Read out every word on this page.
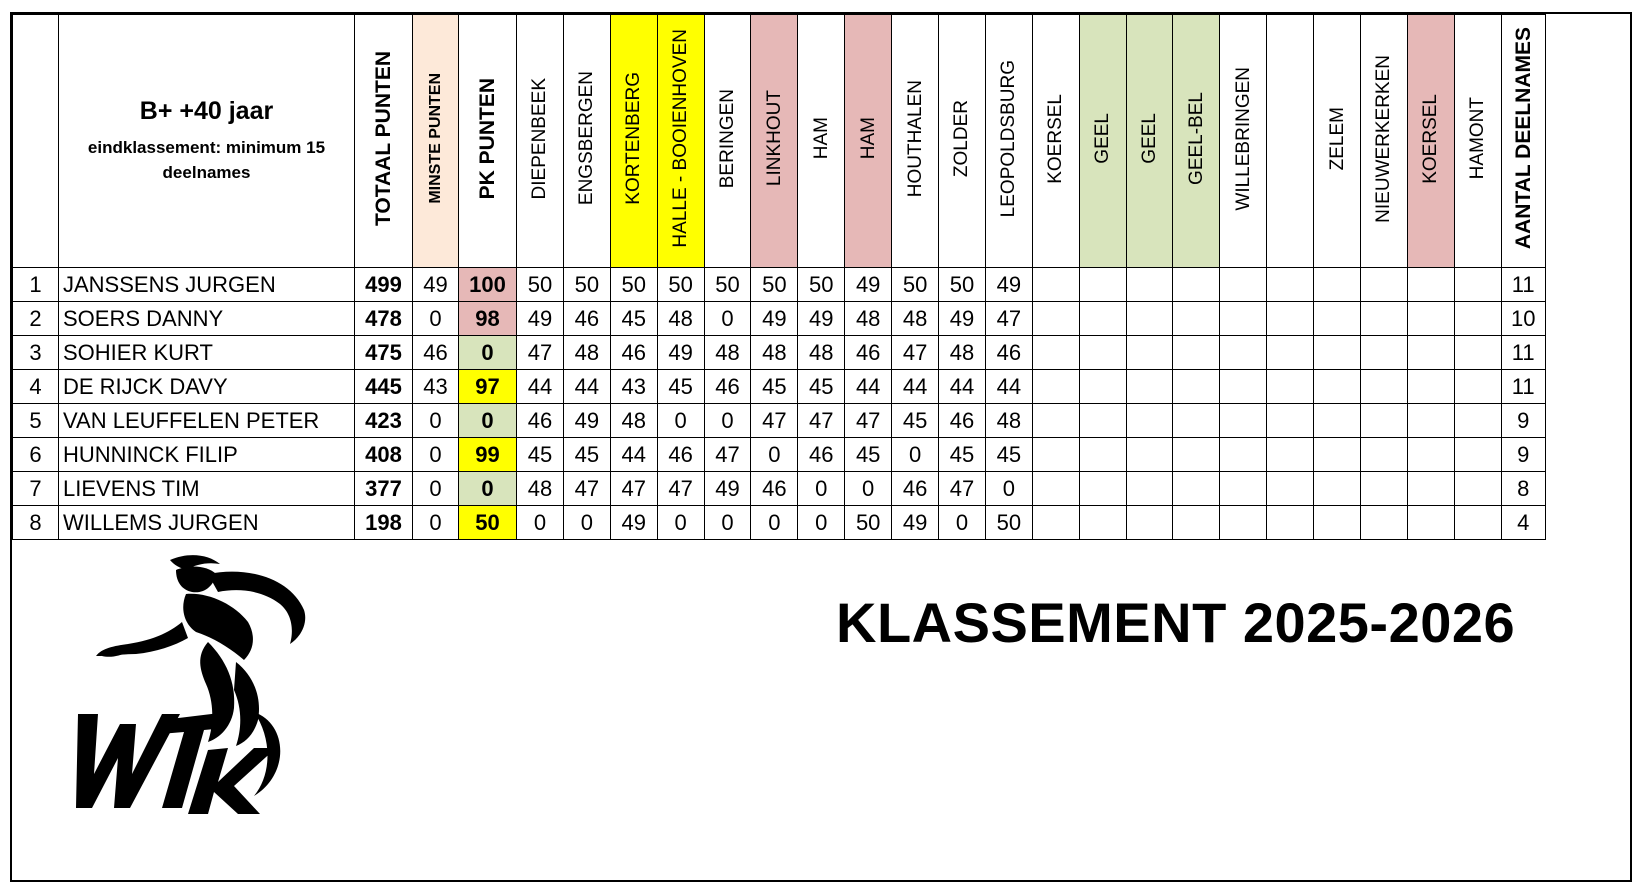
	B+ +40 jaar
eindklassement: minimum 15 deelnames	TOTAAL PUNTEN	MINSTE PUNTEN	PK PUNTEN	DIEPENBEEK	ENGSBERGEN	KORTENBERG	HALLE - BOOIENHOVEN	BERINGEN	LINKHOUT	HAM	HAM	HOUTHALEN	ZOLDER	LEOPOLDSBURG	KOERSEL	GEEL	GEEL	GEEL-BEL	WILLEBRINGEN		ZELEM	NIEUWERKERKEN	KOERSEL	HAMONT	AANTAL DEELNAMES
1	JANSSENS JURGEN	499	49	100	50	50	50	50	50	50	50	49	50	50	49											11
2	SOERS DANNY	478	0	98	49	46	45	48	0	49	49	48	48	49	47											10
3	SOHIER KURT	475	46	0	47	48	46	49	48	48	48	46	47	48	46											11
4	DE RIJCK DAVY	445	43	97	44	44	43	45	46	45	45	44	44	44	44											11
5	VAN LEUFFELEN PETER	423	0	0	46	49	48	0	0	47	47	47	45	46	48											9
6	HUNNINCK FILIP	408	0	99	45	45	44	46	47	0	46	45	0	45	45											9
7	LIEVENS TIM	377	0	0	48	47	47	47	49	46	0	0	46	47	0											8
8	WILLEMS JURGEN	198	0	50	0	0	49	0	0	0	0	50	49	0	50											4
KLASSEMENT 2025-2026
